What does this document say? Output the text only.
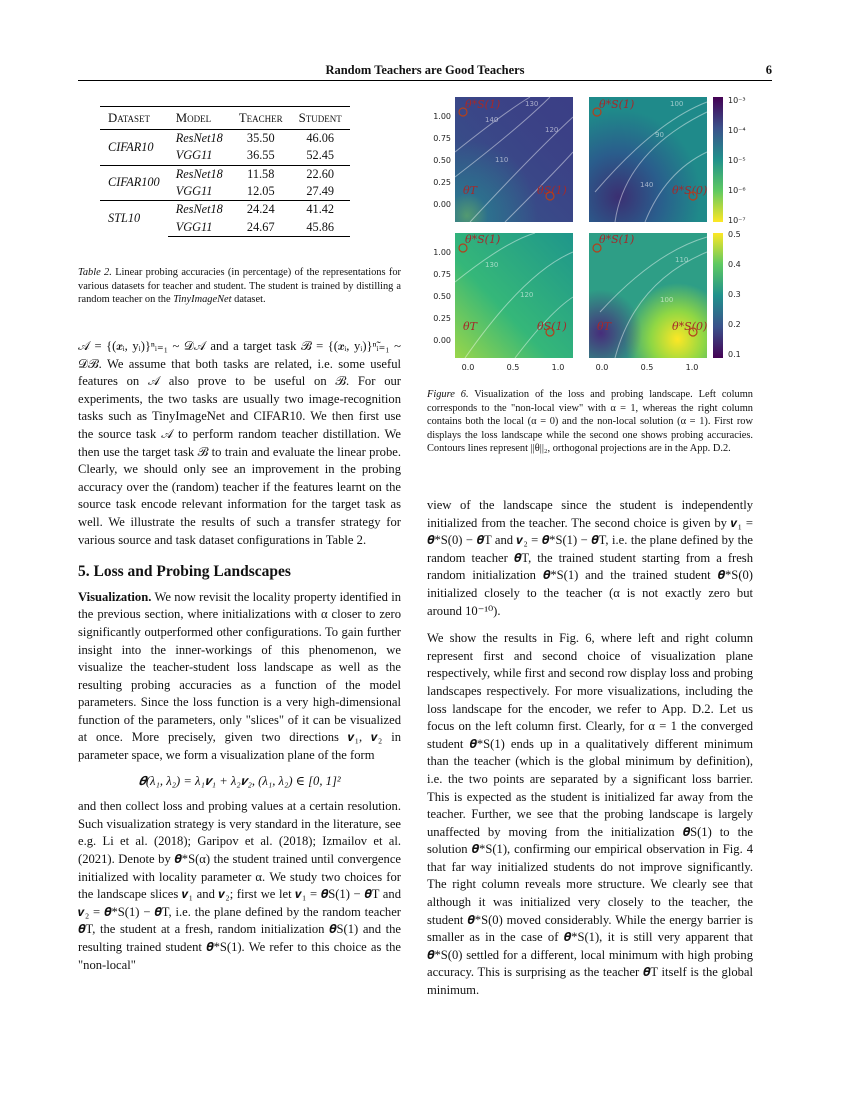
Random Teachers are Good Teachers	6
Dataset	Model	Teacher	Student
CIFAR10	ResNet18	35.50	46.06
	VGG11	36.55	52.45
CIFAR100	ResNet18	11.58	22.60
	VGG11	12.05	27.49
STL10	ResNet18	24.24	41.42
	VGG11	24.67	45.86
Table 2. Linear probing accuracies (in percentage) of the representations for various datasets for teacher and student. The student is trained by distilling a random teacher on the TinyImageNet dataset.

𝒜 = {(𝒙ᵢ, yᵢ)}ⁿᵢ₌₁ ~ 𝒟𝒜 and a target task ℬ = {(𝒙ᵢ, yᵢ)}ⁿ̃ᵢ₌₁ ~ 𝒟ℬ. We assume that both tasks are related, i.e. some useful features on 𝒜 also prove to be useful on ℬ. For our experiments, the two tasks are usually two image-recognition tasks such as TinyImageNet and CIFAR10. We then first use the source task 𝒜 to perform random teacher distillation. We then use the target task ℬ to train and evaluate the linear probe. Clearly, we should only see an improvement in the probing accuracy over the (random) teacher if the features learnt on the source task encode relevant information for the target task as well. We illustrate the results of such a transfer strategy for various source and task dataset configurations in Table 2.

5. Loss and Probing Landscapes

Visualization. We now revisit the locality property identified in the previous section, where initializations with α closer to zero significantly outperformed other configurations. To gain further insight into the inner-workings of this phenomenon, we visualize the teacher-student loss landscape as well as the resulting probing accuracies as a function of the model parameters. Since the loss function is a very high-dimensional function of the parameters, only "slices" of it can be visualized at once. More precisely, given two directions 𝒗₁, 𝒗₂ in parameter space, we form a visualization plane of the form

𝜽(λ₁, λ₂) = λ₁𝒗₁ + λ₂𝒗₂, (λ₁, λ₂) ∈ [0, 1]²

and then collect loss and probing values at a certain resolution. Such visualization strategy is very standard in the literature, see e.g. Li et al. (2018); Garipov et al. (2018); Izmailov et al. (2021). Denote by 𝜽*S(α) the student trained until convergence initialized with locality parameter α. We study two choices for the landscape slices 𝒗₁ and 𝒗₂; first we let 𝒗₁ = 𝜽S(1) − 𝜽T and 𝒗₂ = 𝜽*S(1) − 𝜽T, i.e. the plane defined by the random teacher 𝜽T, the student at a fresh, random initialization 𝜽S(1) and the resulting trained student 𝜽*S(1). We refer to this choice as the "non-local"

1.00
0.75
0.50
0.25
0.00
1.00
0.75
0.50
0.25
0.00
0.0	0.5	1.0	0.0	0.5	1.0
10⁻³
10⁻⁴
10⁻⁵
10⁻⁶
10⁻⁷
0.5
0.4
0.3
0.2
0.1
140
130
120
110
100
90
140
130
120
110
100
θ*S(1)	θ*S(1)
θT	θS(1)	θ*S(0)
θ*S(1)	θ*S(1)
θT	θS(1)	θT	θ*S(0)
Figure 6. Visualization of the loss and probing landscape. Left column corresponds to the "non-local view" with α = 1, whereas the right column contains both the local (α = 0) and the non-local solution (α = 1). First row displays the loss landscape while the second one shows probing accuracies. Contours lines represent ||θ||₂, orthogonal projections are in the App. D.2.

view of the landscape since the student is independently initialized from the teacher. The second choice is given by 𝒗₁ = 𝜽*S(0) − 𝜽T and 𝒗₂ = 𝜽*S(1) − 𝜽T, i.e. the plane defined by the random teacher 𝜽T, the trained student starting from a fresh random initialization 𝜽*S(1) and the trained student 𝜽*S(0) initialized closely to the teacher (α is not exactly zero but around 10⁻¹⁰).

We show the results in Fig. 6, where left and right column represent first and second choice of visualization plane respectively, while first and second row display loss and probing landscapes respectively. For more visualizations, including the loss landscape for the encoder, we refer to App. D.2. Let us focus on the left column first. Clearly, for α = 1 the converged student 𝜽*S(1) ends up in a qualitatively different minimum than the teacher (which is the global minimum by definition), i.e. the two points are separated by a significant loss barrier. This is expected as the student is initialized far away from the teacher. Further, we see that the probing landscape is largely unaffected by moving from the initialization 𝜽S(1) to the solution 𝜽*S(1), confirming our empirical observation in Fig. 4 that far way initialized students do not improve significantly. The right column reveals more structure. We clearly see that although it was initialized very closely to the teacher, the student 𝜽*S(0) moved considerably. While the energy barrier is smaller as in the case of 𝜽*S(1), it is still very apparent that 𝜽*S(0) settled for a different, local minimum with high probing accuracy. This is surprising as the teacher 𝜽T itself is the global minimum.
